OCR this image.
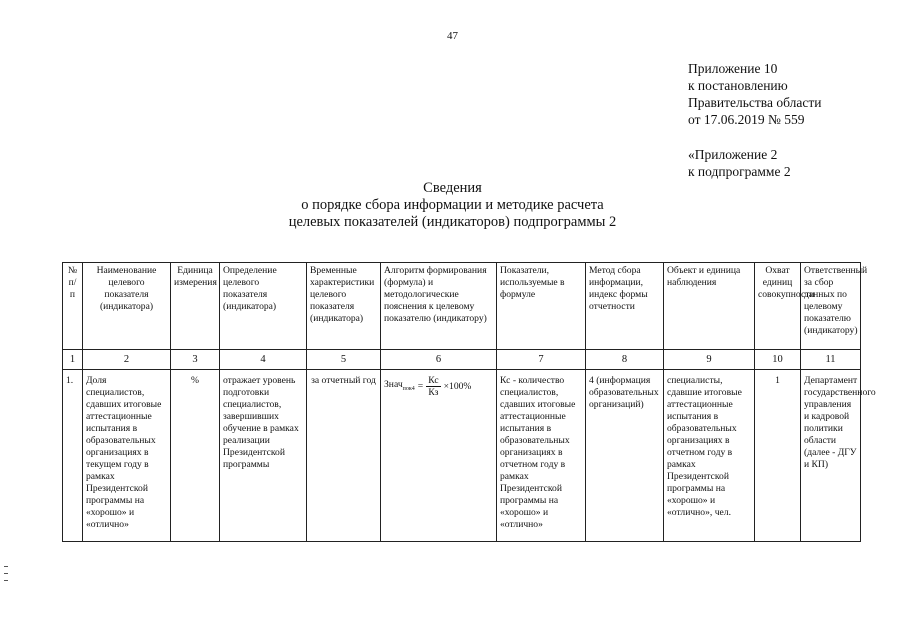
47
Приложение 10
к постановлению
Правительства области
от 17.06.2019 № 559
«Приложение 2
к подпрограмме 2
Сведения
о порядке сбора информации и методике расчета
целевых показателей (индикаторов) подпрограммы 2
№ п/ п	Наименование целевого показателя (индикатора)	Единица измерения	Определение целевого показателя (индикатора)	Временные характеристики целевого показателя (индикатора)	Алгоритм формирования (формула) и методологические пояснения к целевому показателю (индикатору)	Показатели, используемые в формуле	Метод сбора информации, индекс формы отчетности	Объект и единица наблюдения	Охват единиц совокупности	Ответственный за сбор данных по целевому показателю (индикатору)
1	2	3	4	5	6	7	8	9	10	11
1.	Доля специалистов, сдавших итоговые аттестационные испытания в образовательных организациях в текущем году в рамках Президентской программы на «хорошо» и «отлично»	%	отражает уровень подготовки специалистов, завершивших обучение в рамках реализации Президентской программы	за отчетный год	Знач$_{пок4}$ = $\frac{Кс}{Кз} \times 100\%$	Кс - количество специалистов, сдавших итоговые аттестационные испытания в образовательных организациях в отчетном году в рамках Президентской программы на «хорошо» и «отлично»	4 (информация образовательных организаций)	специалисты, сдавшие итоговые аттестационные испытания в образовательных организациях в отчетном году в рамках Президентской программы на «хорошо» и «отлично», чел.	1	Департамент государственного управления и кадровой политики области (далее - ДГУ и КП)
